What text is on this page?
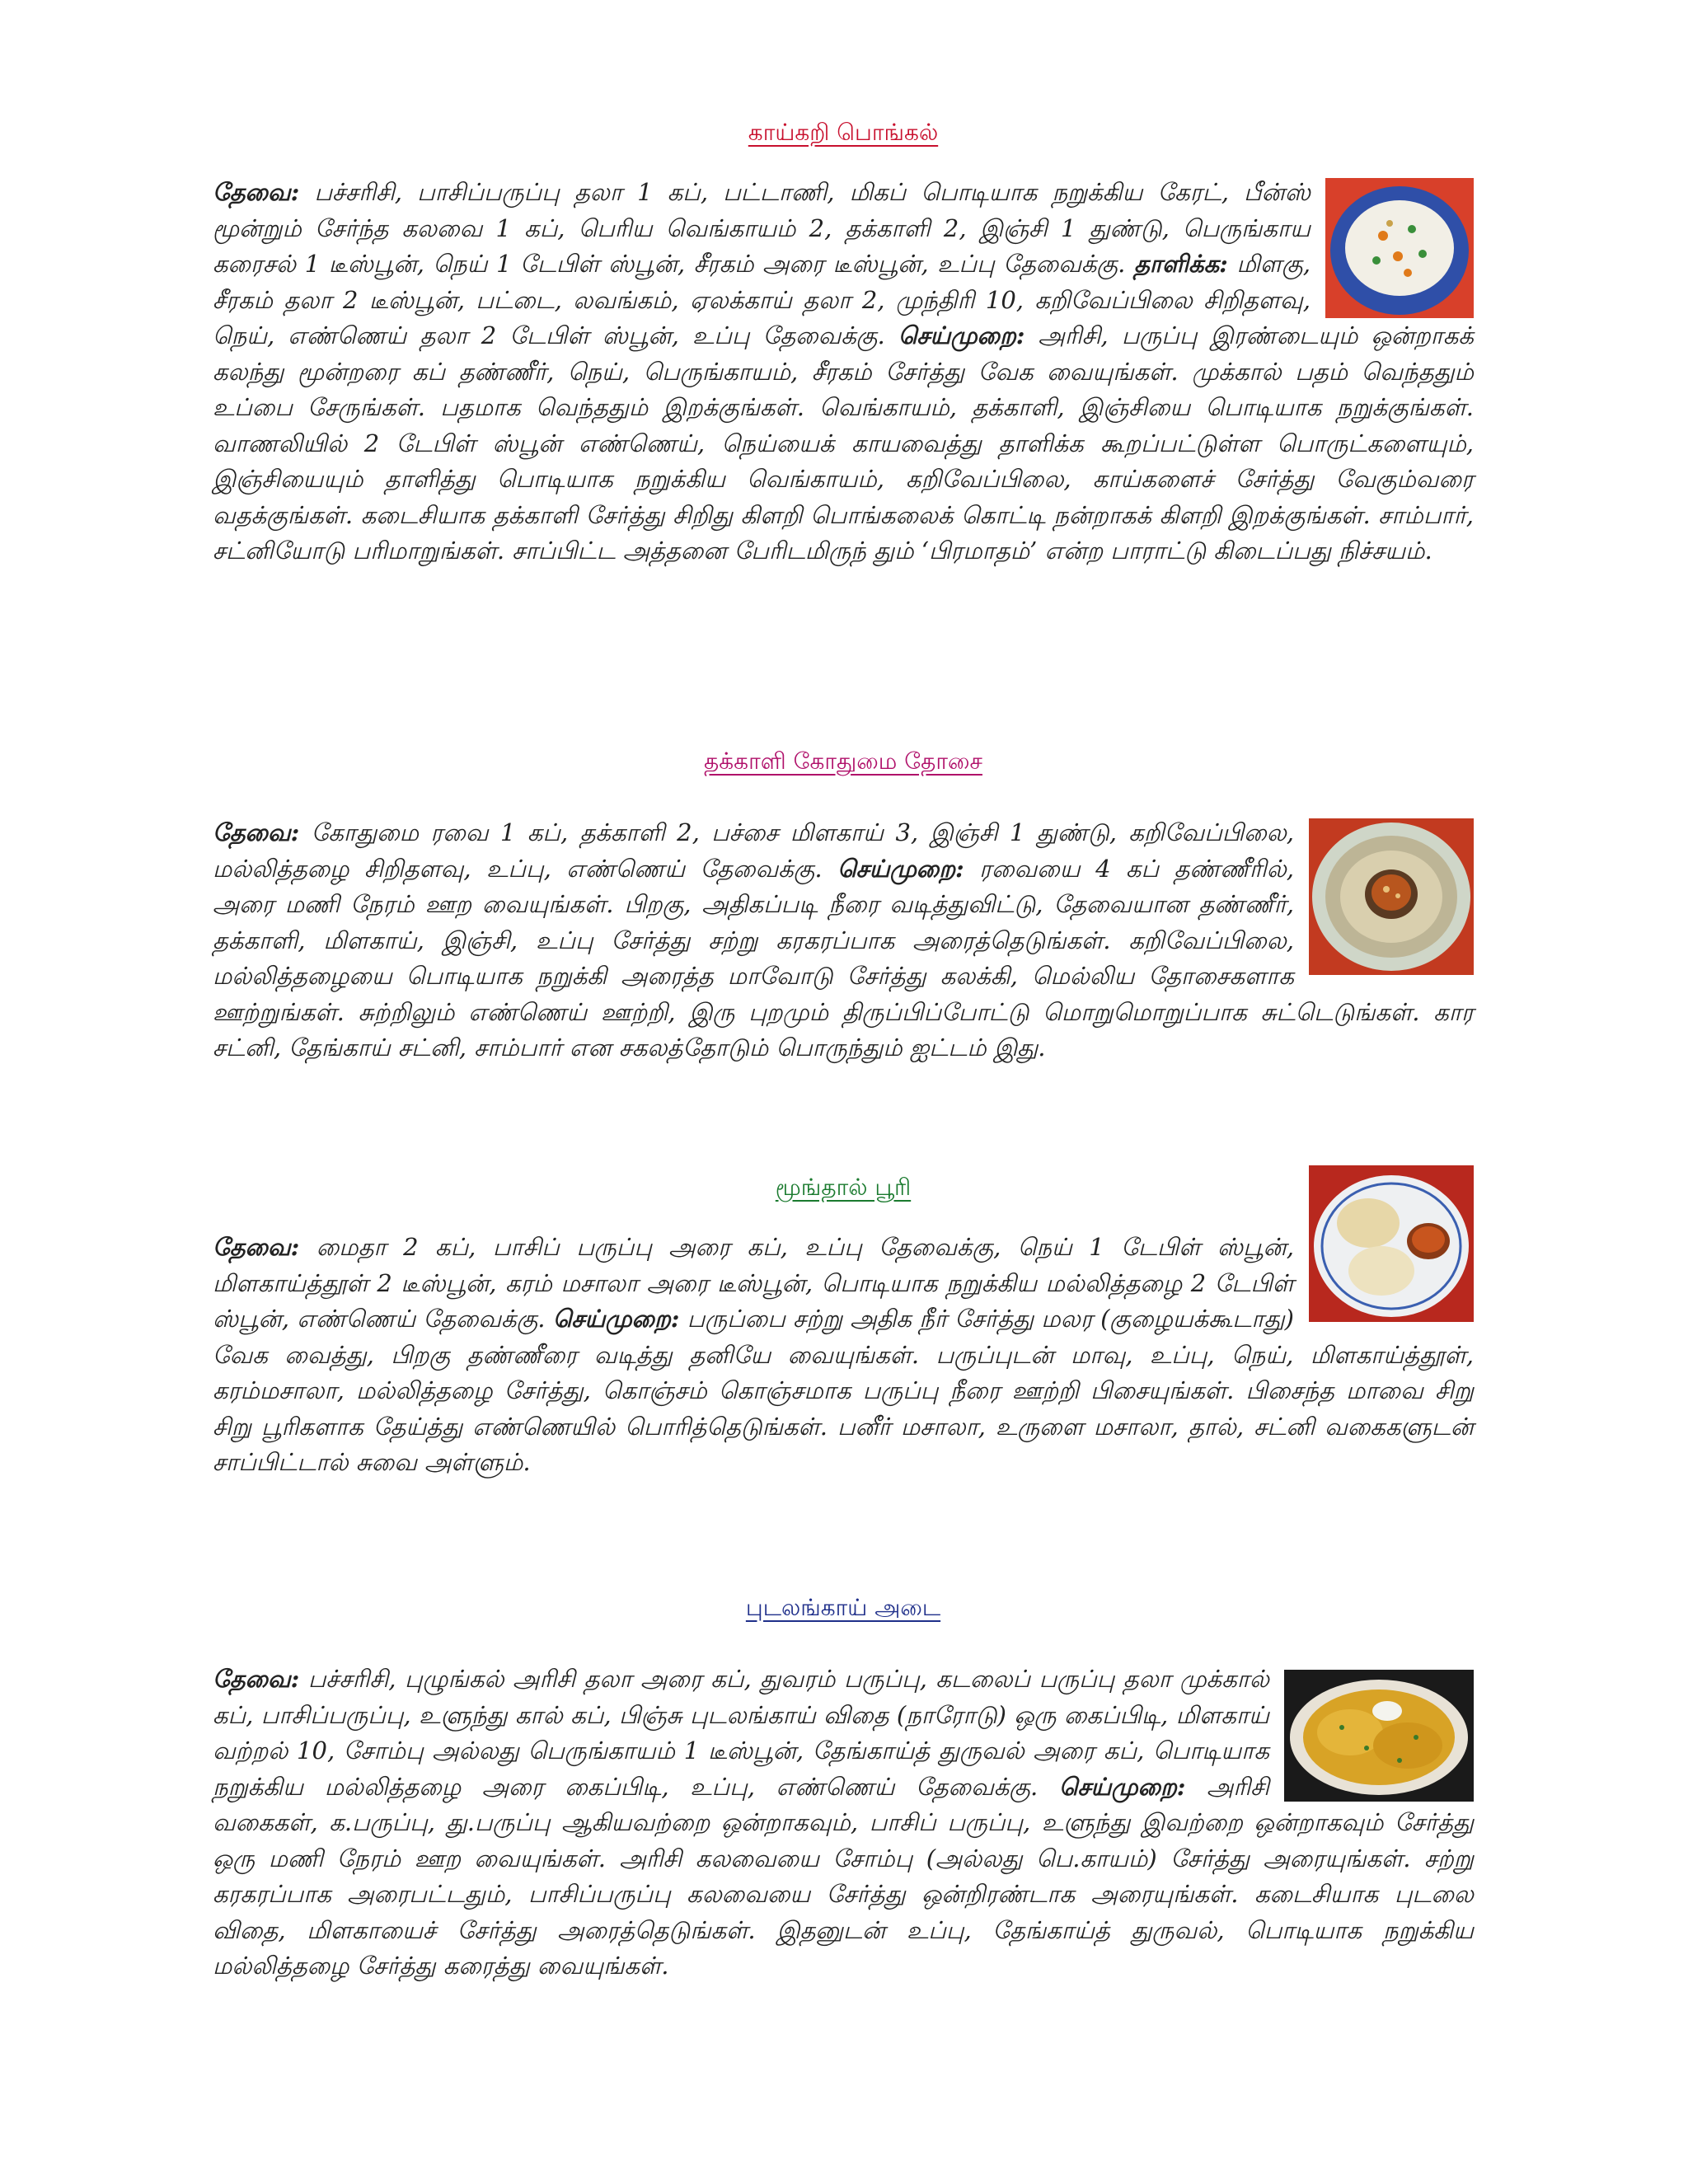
காய்கறி பொங்கல்

தேவை: பச்சரிசி, பாசிப்பருப்பு தலா 1 கப், பட்டாணி, மிகப் பொடியாக நறுக்கிய கேரட், பீன்ஸ் மூன்றும் சேர்ந்த கலவை 1 கப், பெரிய வெங்காயம் 2, தக்காளி 2, இஞ்சி 1 துண்டு, பெருங்காய கரைசல் 1 டீஸ்பூன், நெய் 1 டேபிள் ஸ்பூன், சீரகம் அரை டீஸ்பூன், உப்பு தேவைக்கு. தாளிக்க: மிளகு, சீரகம் தலா 2 டீஸ்பூன், பட்டை, லவங்கம், ஏலக்காய் தலா 2, முந்திரி 10, கறிவேப்பிலை சிறிதளவு, நெய், எண்ணெய் தலா 2 டேபிள் ஸ்பூன், உப்பு தேவைக்கு. செய்முறை: அரிசி, பருப்பு இரண்டையும் ஒன்றாகக் கலந்து மூன்றரை கப் தண்ணீர், நெய், பெருங்காயம், சீரகம் சேர்த்து வேக வையுங்கள். முக்கால் பதம் வெந்ததும் உப்பை சேருங்கள். பதமாக வெந்ததும் இறக்குங்கள். வெங்காயம், தக்காளி, இஞ்சியை பொடியாக நறுக்குங்கள். வாணலியில் 2 டேபிள் ஸ்பூன் எண்ணெய், நெய்யைக் காயவைத்து தாளிக்க கூறப்பட்டுள்ள பொருட்களையும், இஞ்சியையும் தாளித்து பொடியாக நறுக்கிய வெங்காயம், கறிவேப்பிலை, காய்களைச் சேர்த்து வேகும்வரை வதக்குங்கள். கடைசியாக தக்காளி சேர்த்து சிறிது கிளறி பொங்கலைக் கொட்டி நன்றாகக் கிளறி இறக்குங்கள். சாம்பார், சட்னியோடு பரிமாறுங்கள். சாப்பிட்ட அத்தனை பேரிடமிருந் தும் ‘பிரமாதம்’ என்ற பாராட்டு கிடைப்பது நிச்சயம்.

தக்காளி கோதுமை தோசை

தேவை: கோதுமை ரவை 1 கப், தக்காளி 2, பச்சை மிளகாய் 3, இஞ்சி 1 துண்டு, கறிவேப்பிலை, மல்லித்தழை சிறிதளவு, உப்பு, எண்ணெய் தேவைக்கு. செய்முறை: ரவையை 4 கப் தண்ணீரில், அரை மணி நேரம் ஊற வையுங்கள். பிறகு, அதிகப்படி நீரை வடித்துவிட்டு, தேவையான தண்ணீர், தக்காளி, மிளகாய், இஞ்சி, உப்பு சேர்த்து சற்று கரகரப்பாக அரைத்தெடுங்கள். கறிவேப்பிலை, மல்லித்தழையை பொடியாக நறுக்கி அரைத்த மாவோடு சேர்த்து கலக்கி, மெல்லிய தோசைகளாக ஊற்றுங்கள். சுற்றிலும் எண்ணெய் ஊற்றி, இரு புறமும் திருப்பிப்போட்டு மொறுமொறுப்பாக சுட்டெடுங்கள். கார சட்னி, தேங்காய் சட்னி, சாம்பார் என சகலத்தோடும் பொருந்தும் ஐட்டம் இது.

மூங்தால் பூரி

தேவை: மைதா 2 கப், பாசிப் பருப்பு அரை கப், உப்பு தேவைக்கு, நெய் 1 டேபிள் ஸ்பூன், மிளகாய்த்தூள் 2 டீஸ்பூன், கரம் மசாலா அரை டீஸ்பூன், பொடியாக நறுக்கிய மல்லித்தழை 2 டேபிள் ஸ்பூன், எண்ணெய் தேவைக்கு. செய்முறை: பருப்பை சற்று அதிக நீர் சேர்த்து மலர (குழையக்கூடாது) வேக வைத்து, பிறகு தண்ணீரை வடித்து தனியே வையுங்கள். பருப்புடன் மாவு, உப்பு, நெய், மிளகாய்த்தூள், கரம்மசாலா, மல்லித்தழை சேர்த்து, கொஞ்சம் கொஞ்சமாக பருப்பு நீரை ஊற்றி பிசையுங்கள். பிசைந்த மாவை சிறு சிறு பூரிகளாக தேய்த்து எண்ணெயில் பொரித்தெடுங்கள். பனீர் மசாலா, உருளை மசாலா, தால், சட்னி வகைகளுடன் சாப்பிட்டால் சுவை அள்ளும்.

புடலங்காய் அடை

தேவை: பச்சரிசி, புழுங்கல் அரிசி தலா அரை கப், துவரம் பருப்பு, கடலைப் பருப்பு தலா முக்கால் கப், பாசிப்பருப்பு, உளுந்து கால் கப், பிஞ்சு புடலங்காய் விதை (நாரோடு) ஒரு கைப்பிடி, மிளகாய் வற்றல் 10, சோம்பு அல்லது பெருங்காயம் 1 டீஸ்பூன், தேங்காய்த் துருவல் அரை கப், பொடியாக நறுக்கிய மல்லித்தழை அரை கைப்பிடி, உப்பு, எண்ணெய் தேவைக்கு. செய்முறை: அரிசி வகைகள், க.பருப்பு, து.பருப்பு ஆகியவற்றை ஒன்றாகவும், பாசிப் பருப்பு, உளுந்து இவற்றை ஒன்றாகவும் சேர்த்து ஒரு மணி நேரம் ஊற வையுங்கள். அரிசி கலவையை சோம்பு (அல்லது பெ.காயம்) சேர்த்து அரையுங்கள். சற்று கரகரப்பாக அரைபட்டதும், பாசிப்பருப்பு கலவையை சேர்த்து ஒன்றிரண்டாக அரையுங்கள். கடைசியாக புடலை விதை, மிளகாயைச் சேர்த்து அரைத்தெடுங்கள். இதனுடன் உப்பு, தேங்காய்த் துருவல், பொடியாக நறுக்கிய மல்லித்தழை சேர்த்து கரைத்து வையுங்கள்.
